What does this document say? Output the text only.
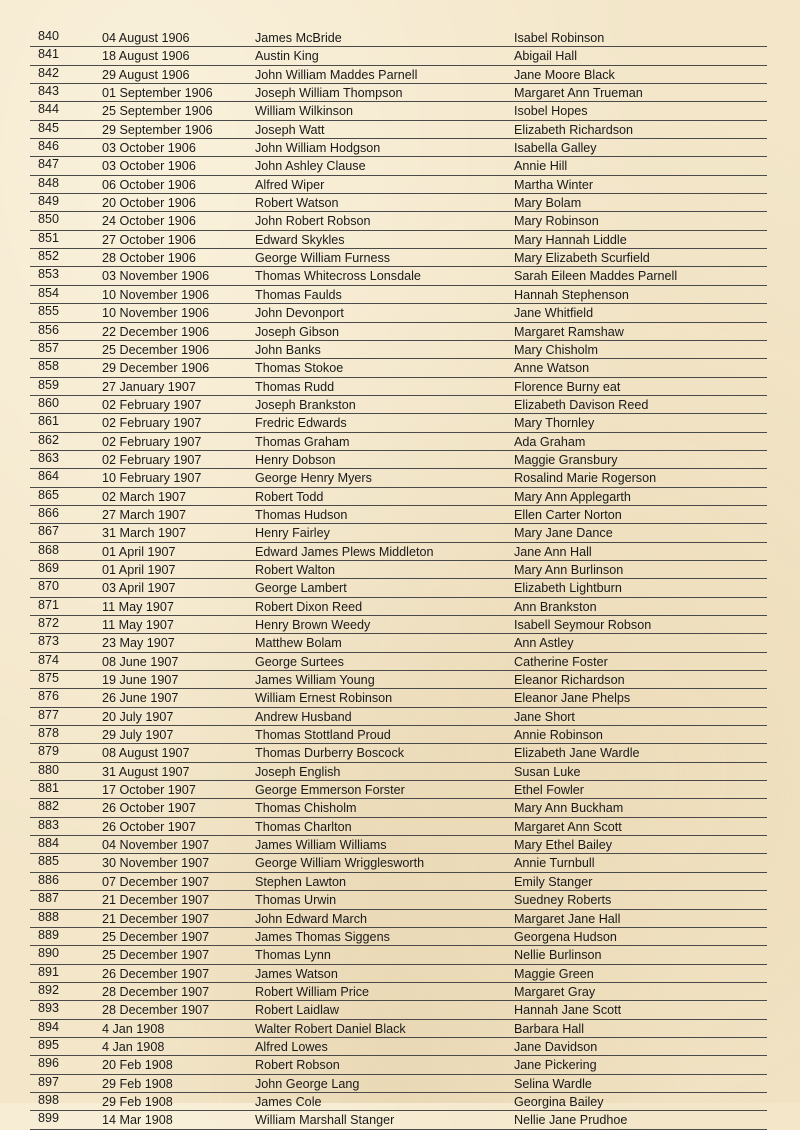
840	04 August 1906	James McBride	Isabel Robinson
841	18 August 1906	Austin King	Abigail Hall
842	29 August 1906	John William Maddes Parnell	Jane Moore Black
843	01 September 1906	Joseph William Thompson	Margaret Ann Trueman
844	25 September 1906	William Wilkinson	Isobel Hopes
845	29 September 1906	Joseph Watt	Elizabeth Richardson
846	03 October 1906	John William Hodgson	Isabella Galley
847	03 October 1906	John Ashley Clause	Annie Hill
848	06 October 1906	Alfred Wiper	Martha Winter
849	20 October 1906	Robert Watson	Mary Bolam
850	24 October 1906	John Robert Robson	Mary Robinson
851	27 October 1906	Edward Skykles	Mary Hannah Liddle
852	28 October 1906	George William Furness	Mary Elizabeth Scurfield
853	03 November 1906	Thomas Whitecross Lonsdale	Sarah Eileen Maddes Parnell
854	10 November 1906	Thomas Faulds	Hannah Stephenson
855	10 November 1906	John Devonport	Jane Whitfield
856	22 December 1906	Joseph Gibson	Margaret Ramshaw
857	25 December 1906	John Banks	Mary Chisholm
858	29 December 1906	Thomas Stokoe	Anne Watson
859	27 January 1907	Thomas Rudd	Florence Burny eat
860	02 February 1907	Joseph Brankston	Elizabeth Davison Reed
861	02 February 1907	Fredric Edwards	Mary Thornley
862	02 February 1907	Thomas Graham	Ada Graham
863	02 February 1907	Henry Dobson	Maggie Gransbury
864	10 February 1907	George Henry Myers	Rosalind Marie Rogerson
865	02 March 1907	Robert Todd	Mary Ann Applegarth
866	27 March 1907	Thomas Hudson	Ellen Carter Norton
867	31 March 1907	Henry Fairley	Mary Jane Dance
868	01 April 1907	Edward James Plews Middleton	Jane Ann Hall
869	01 April 1907	Robert Walton	Mary Ann Burlinson
870	03 April 1907	George Lambert	Elizabeth Lightburn
871	11 May 1907	Robert Dixon Reed	Ann Brankston
872	11 May 1907	Henry Brown Weedy	Isabell Seymour Robson
873	23 May 1907	Matthew Bolam	Ann Astley
874	08 June 1907	George Surtees	Catherine Foster
875	19 June 1907	James William Young	Eleanor Richardson
876	26 June 1907	William Ernest Robinson	Eleanor Jane Phelps
877	20 July 1907	Andrew Husband	Jane Short
878	29 July 1907	Thomas Stottland Proud	Annie Robinson
879	08 August 1907	Thomas Durberry Boscock	Elizabeth Jane Wardle
880	31 August 1907	Joseph English	Susan Luke
881	17 October 1907	George Emmerson Forster	Ethel Fowler
882	26 October 1907	Thomas Chisholm	Mary Ann Buckham
883	26 October 1907	Thomas Charlton	Margaret Ann Scott
884	04 November 1907	James William Williams	Mary Ethel Bailey
885	30 November 1907	George William Wrigglesworth	Annie Turnbull
886	07 December 1907	Stephen Lawton	Emily Stanger
887	21 December 1907	Thomas Urwin	Suedney Roberts
888	21 December 1907	John Edward March	Margaret Jane Hall
889	25 December 1907	James Thomas Siggens	Georgena Hudson
890	25 December 1907	Thomas Lynn	Nellie Burlinson
891	26 December 1907	James Watson	Maggie Green
892	28 December 1907	Robert William Price	Margaret Gray
893	28 December 1907	Robert Laidlaw	Hannah Jane Scott
894	4 Jan 1908	Walter Robert Daniel Black	Barbara Hall
895	4 Jan 1908	Alfred Lowes	Jane Davidson
896	20 Feb 1908	Robert Robson	Jane Pickering
897	29 Feb 1908	John George Lang	Selina Wardle
898	29 Feb 1908	James Cole	Georgina Bailey
899	14 Mar 1908	William Marshall Stanger	Nellie Jane Prudhoe
